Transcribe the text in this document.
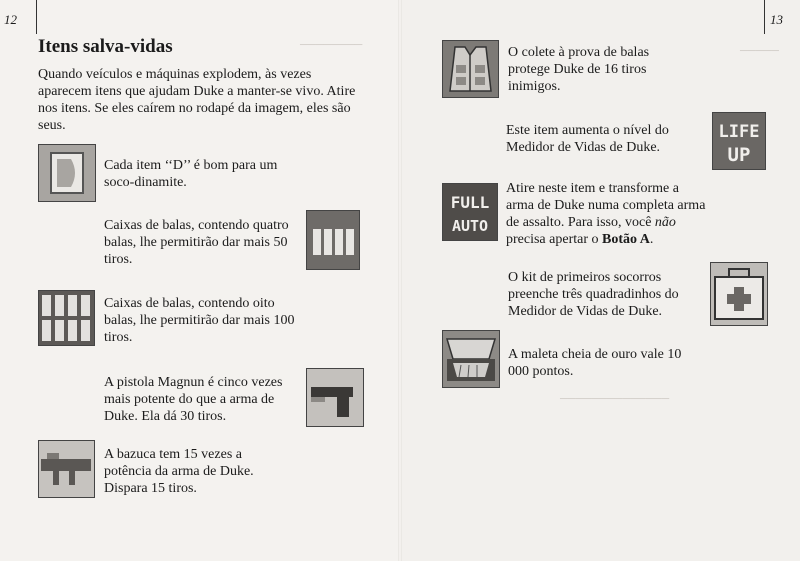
────────	─────
──────────────
12	13
Itens salva-vidas
Quando veículos e máquinas explodem, às vezes aparecem itens que ajudam Duke a manter-se vivo. Atire nos itens. Se eles caírem no rodapé da imagem, eles são seus.
Cada item ‘‘D’’ é bom para um soco-dinamite.
Caixas de balas, contendo quatro balas, lhe permitirão dar mais 50 tiros.
Caixas de balas, contendo oito balas, lhe permitirão dar mais 100 tiros.
A pistola Magnun é cinco vezes mais potente do que a arma de Duke. Ela dá 30 tiros.
A bazuca tem 15 vezes a potência da arma de Duke. Dispara 15 tiros.
O colete à prova de balas protege Duke de 16 tiros inimigos.
Este item aumenta o nível do Medidor de Vidas de Duke.
LIFE
UP
FULL
AUTO
Atire neste item e transforme a arma de Duke numa completa arma de assalto. Para isso, você não precisa apertar o Botão A.
O kit de primeiros socorros preenche três quadradinhos do Medidor de Vidas de Duke.
A maleta cheia de ouro vale 10 000 pontos.
